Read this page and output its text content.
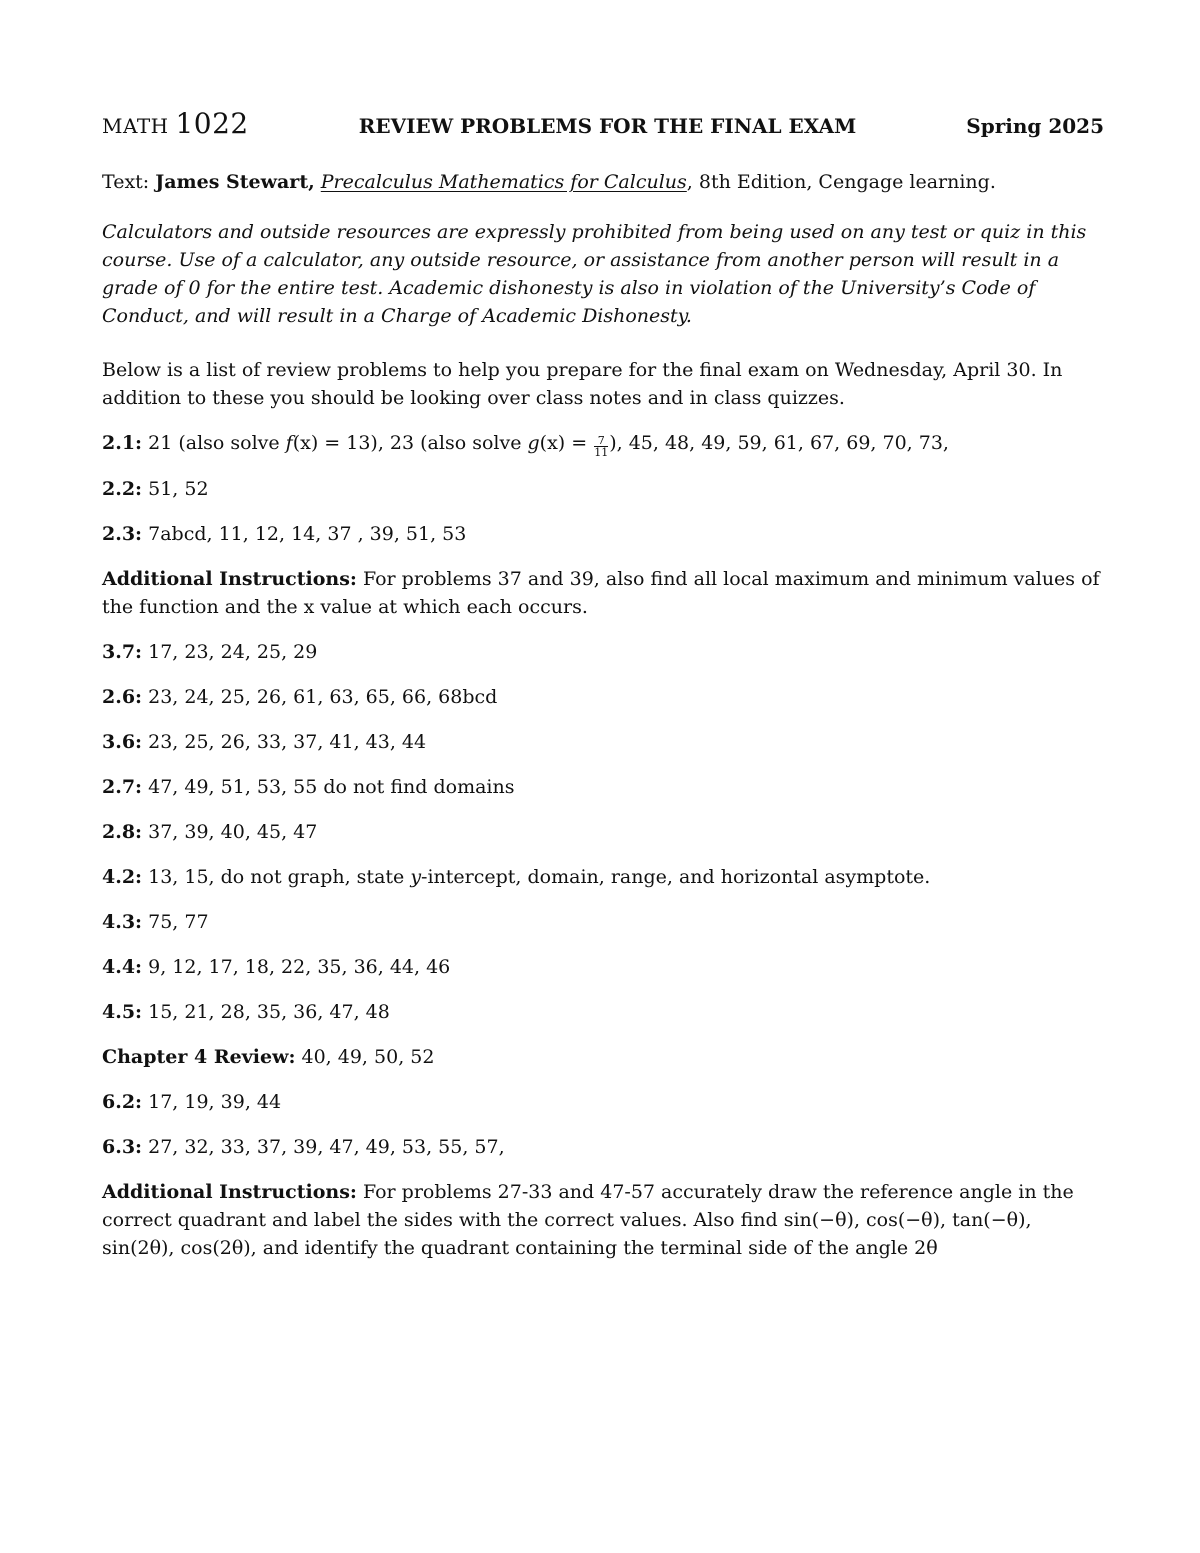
MATH 1022	REVIEW PROBLEMS FOR THE FINAL EXAM	Spring 2025
Text: James Stewart, Precalculus Mathematics for Calculus, 8th Edition, Cengage learning.
Calculators and outside resources are expressly prohibited from being used on any test or quiz in this course. Use of a calculator, any outside resource, or assistance from another person will result in a grade of 0 for the entire test. Academic dishonesty is also in violation of the University’s Code of Conduct, and will result in a Charge of Academic Dishonesty.
Below is a list of review problems to help you prepare for the final exam on Wednesday, April 30. In addition to these you should be looking over class notes and in class quizzes.
2.1: 21 (also solve f(x) = 13), 23 (also solve $g(x) = \frac{7}{11}$ ), 45, 48, 49, 59, 61, 67, 69, 70, 73,
2.2: 51, 52
2.3: 7abcd, 11, 12, 14, 37 , 39, 51, 53
Additional Instructions: For problems 37 and 39, also find all local maximum and minimum values of the function and the x value at which each occurs.
3.7: 17, 23, 24, 25, 29
2.6: 23, 24, 25, 26, 61, 63, 65, 66, 68bcd
3.6: 23, 25, 26, 33, 37, 41, 43, 44
2.7: 47, 49, 51, 53, 55 do not find domains
2.8: 37, 39, 40, 45, 47
4.2: 13, 15, do not graph, state y-intercept, domain, range, and horizontal asymptote.
4.3: 75, 77
4.4: 9, 12, 17, 18, 22, 35, 36, 44, 46
4.5: 15, 21, 28, 35, 36, 47, 48
Chapter 4 Review: 40, 49, 50, 52
6.2: 17, 19, 39, 44
6.3: 27, 32, 33, 37, 39, 47, 49, 53, 55, 57,
Additional Instructions: For problems 27-33 and 47-57 accurately draw the reference angle in the correct quadrant and label the sides with the correct values. Also find sin(−θ), cos(−θ), tan(−θ), sin(2θ), cos(2θ), and identify the quadrant containing the terminal side of the angle 2θ
